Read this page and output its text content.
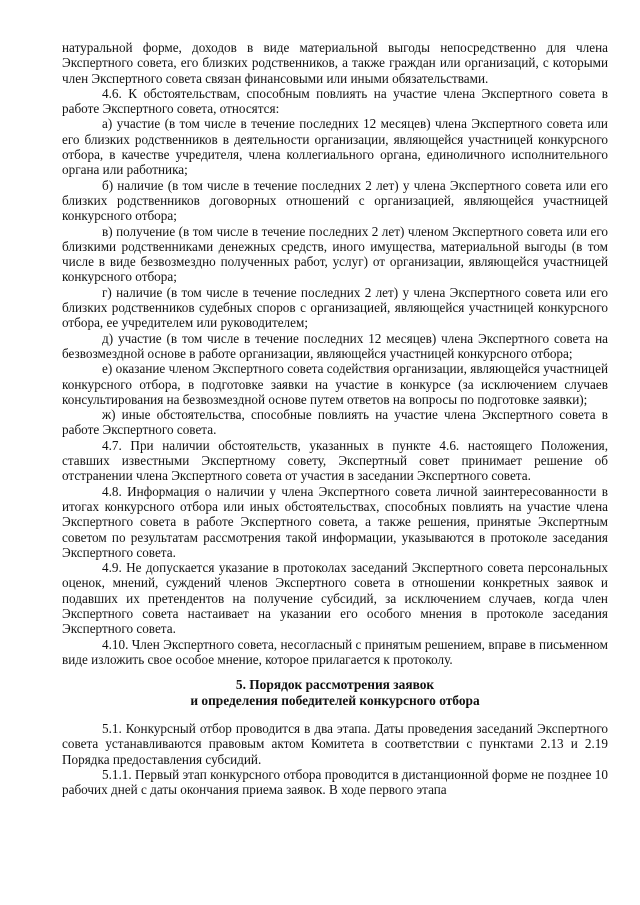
натуральной форме, доходов в виде материальной выгоды непосредственно для члена Экспертного совета, его близких родственников, а также граждан или организаций, с которыми член Экспертного совета связан финансовыми или иными обязательствами.

4.6. К обстоятельствам, способным повлиять на участие члена Экспертного совета в работе Экспертного совета, относятся:

а) участие (в том числе в течение последних 12 месяцев) члена Экспертного совета или его близких родственников в деятельности организации, являющейся участницей конкурсного отбора, в качестве учредителя, члена коллегиального органа, единоличного исполнительного органа или работника;

б) наличие (в том числе в течение последних 2 лет) у члена Экспертного совета или его близких родственников договорных отношений с организацией, являющейся участницей конкурсного отбора;

в) получение (в том числе в течение последних 2 лет) членом Экспертного совета или его близкими родственниками денежных средств, иного имущества, материальной выгоды (в том числе в виде безвозмездно полученных работ, услуг) от организации, являющейся участницей конкурсного отбора;

г) наличие (в том числе в течение последних 2 лет) у члена Экспертного совета или его близких родственников судебных споров с организацией, являющейся участницей конкурсного отбора, ее учредителем или руководителем;

д) участие (в том числе в течение последних 12 месяцев) члена Экспертного совета на безвозмездной основе в работе организации, являющейся участницей конкурсного отбора;

е) оказание членом Экспертного совета содействия организации, являющейся участницей конкурсного отбора, в подготовке заявки на участие в конкурсе (за исключением случаев консультирования на безвозмездной основе путем ответов на вопросы по подготовке заявки);

ж) иные обстоятельства, способные повлиять на участие члена Экспертного совета в работе Экспертного совета.

4.7. При наличии обстоятельств, указанных в пункте 4.6. настоящего Положения, ставших известными Экспертному совету, Экспертный совет принимает решение об отстранении члена Экспертного совета от участия в заседании Экспертного совета.

4.8. Информация о наличии у члена Экспертного совета личной заинтересованности в итогах конкурсного отбора или иных обстоятельствах, способных повлиять на участие члена Экспертного совета в работе Экспертного совета, а также решения, принятые Экспертным советом по результатам рассмотрения такой информации, указываются в протоколе заседания Экспертного совета.

4.9. Не допускается указание в протоколах заседаний Экспертного совета персональных оценок, мнений, суждений членов Экспертного совета в отношении конкретных заявок и подавших их претендентов на получение субсидий, за исключением случаев, когда член Экспертного совета настаивает на указании его особого мнения в протоколе заседания Экспертного совета.

4.10. Член Экспертного совета, несогласный с принятым решением, вправе в письменном виде изложить свое особое мнение, которое прилагается к протоколу.

5. Порядок рассмотрения заявок
и определения победителей конкурсного отбора

5.1. Конкурсный отбор проводится в два этапа. Даты проведения заседаний Экспертного совета устанавливаются правовым актом Комитета в соответствии с пунктами 2.13 и 2.19 Порядка предоставления субсидий.

5.1.1. Первый этап конкурсного отбора проводится в дистанционной форме не позднее 10 рабочих дней с даты окончания приема заявок. В ходе первого этапа
